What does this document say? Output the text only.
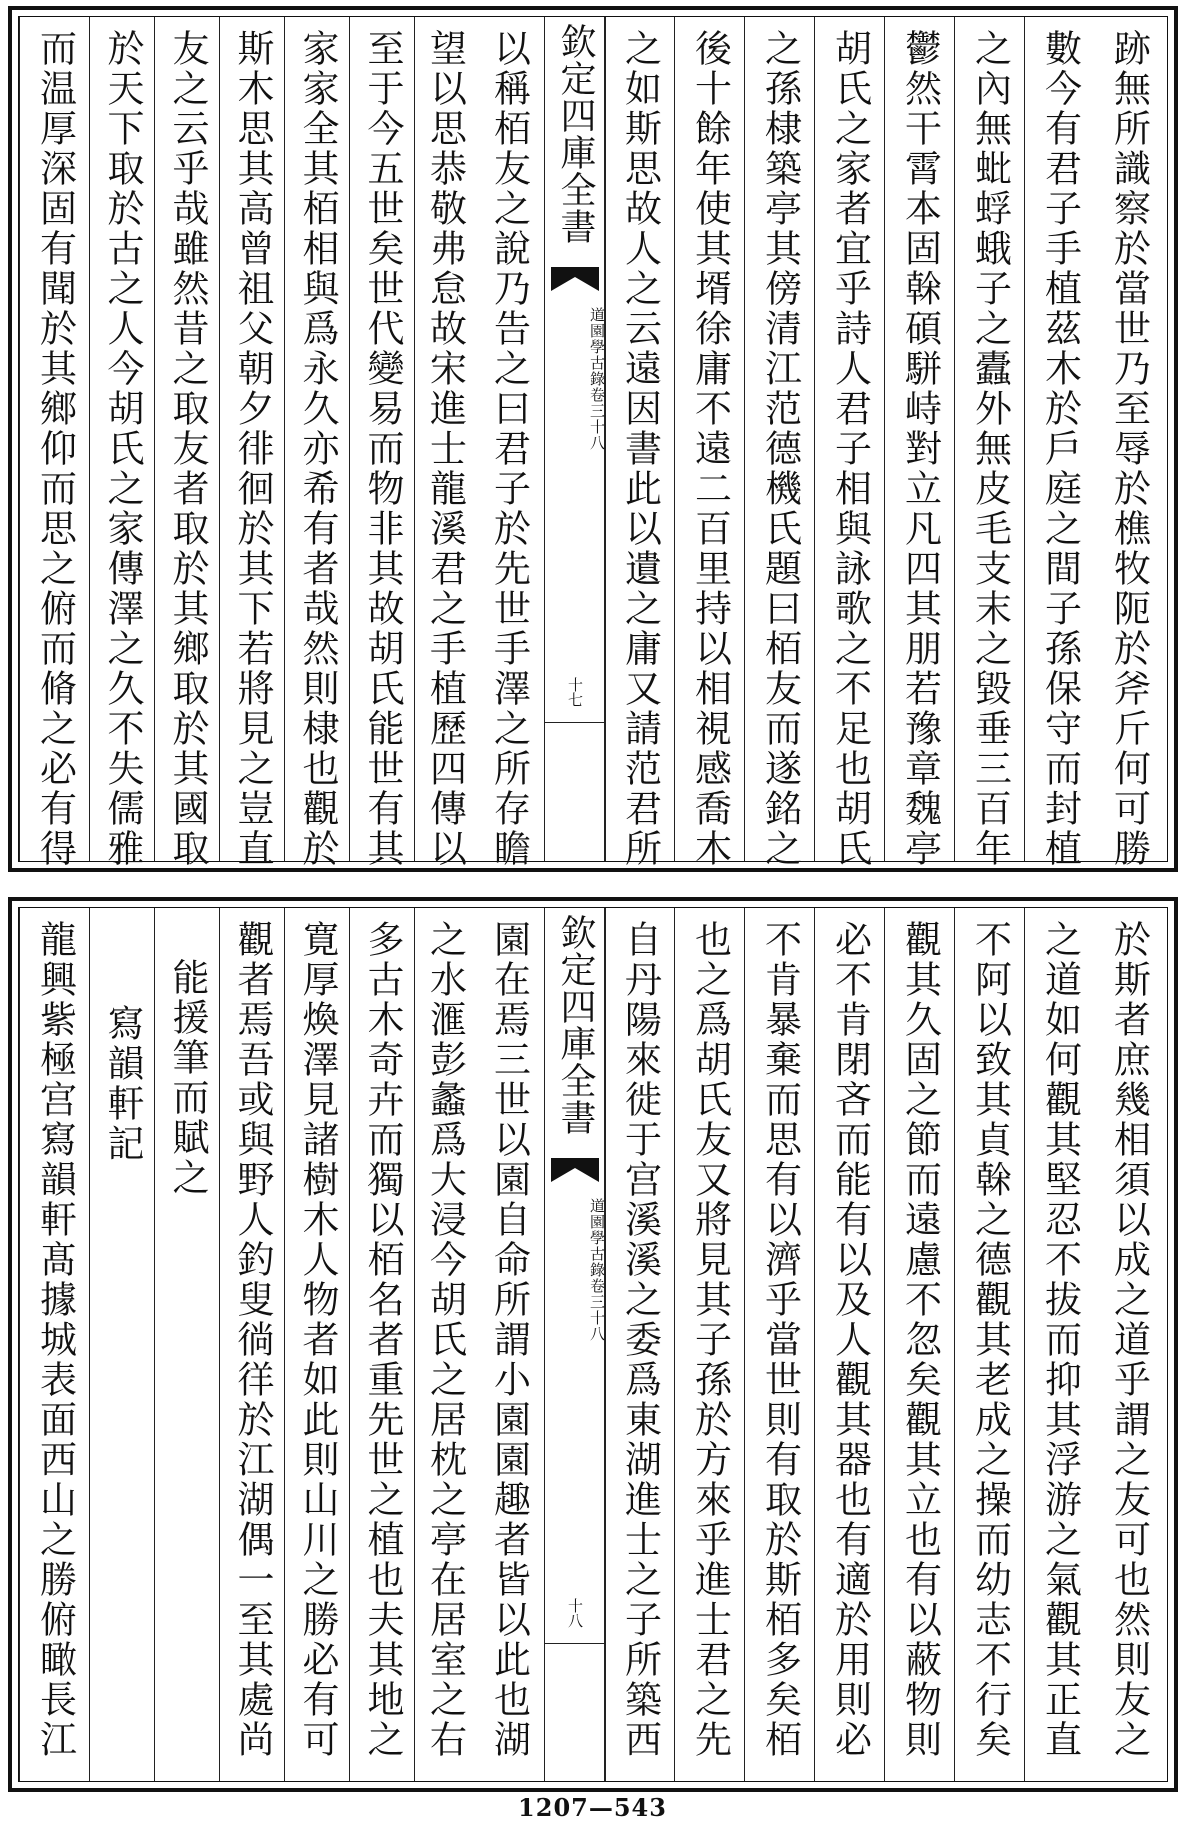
跡無所識察於當世乃至辱於樵牧阨於斧斤何可勝
數今有君子手植茲木於戶庭之間子孫保守而封植
之內無蚍蜉蛾子之蠹外無皮毛支末之毀垂三百年
鬱然干霄本固榦碩駢峙對立凡四其朋若豫章魏亭
胡氏之家者宜乎詩人君子相與詠歌之不足也胡氏
之孫棣築亭其傍清江范德機氏題曰栢友而遂銘之
後十餘年使其壻徐庸不遠二百里持以相視感喬木
之如斯思故人之云遠因書此以遺之庸又請范君所
欽定四庫全書
道園學古錄
卷三十八
十七
以稱栢友之說乃告之曰君子於先世手澤之所存瞻
望以思恭敬弗怠故宋進士龍溪君之手植歷四傳以
至于今五世矣世代變易而物非其故胡氏能世有其
家家全其栢相與爲永久亦希有者哉然則棣也觀於
斯木思其高曾祖父朝夕徘徊於其下若將見之豈直
友之云乎哉雖然昔之取友者取於其鄉取於其國取
於天下取於古之人今胡氏之家傳澤之久不失儒雅
而温厚深固有聞於其鄉仰而思之俯而脩之必有得
於斯者庶幾相須以成之道乎謂之友可也然則友之
之道如何觀其堅忍不拔而抑其浮游之氣觀其正直
不阿以致其貞榦之德觀其老成之操而幼志不行矣
觀其久固之節而遠慮不忽矣觀其立也有以蔽物則
必不肯閉吝而能有以及人觀其器也有適於用則必
不肯暴棄而思有以濟乎當世則有取於斯栢多矣栢
也之爲胡氏友又將見其子孫於方來乎進士君之先
自丹陽來徙于宫溪溪之委爲東湖進士之子所築西
欽定四庫全書
道園學古錄
卷三十八
十八
園在焉三世以園自命所謂小園園趣者皆以此也湖
之水滙彭蠡爲大浸今胡氏之居枕之亭在居室之右
多古木奇卉而獨以栢名者重先世之植也夫其地之
寛厚煥澤見諸樹木人物者如此則山川之勝必有可
觀者焉吾或與野人釣叟徜徉於江湖偶一至其處尚
能援筆而賦之
寫韻軒記
龍興紫極宫寫韻軒髙據城表面西山之勝俯瞰長江
1207—543
